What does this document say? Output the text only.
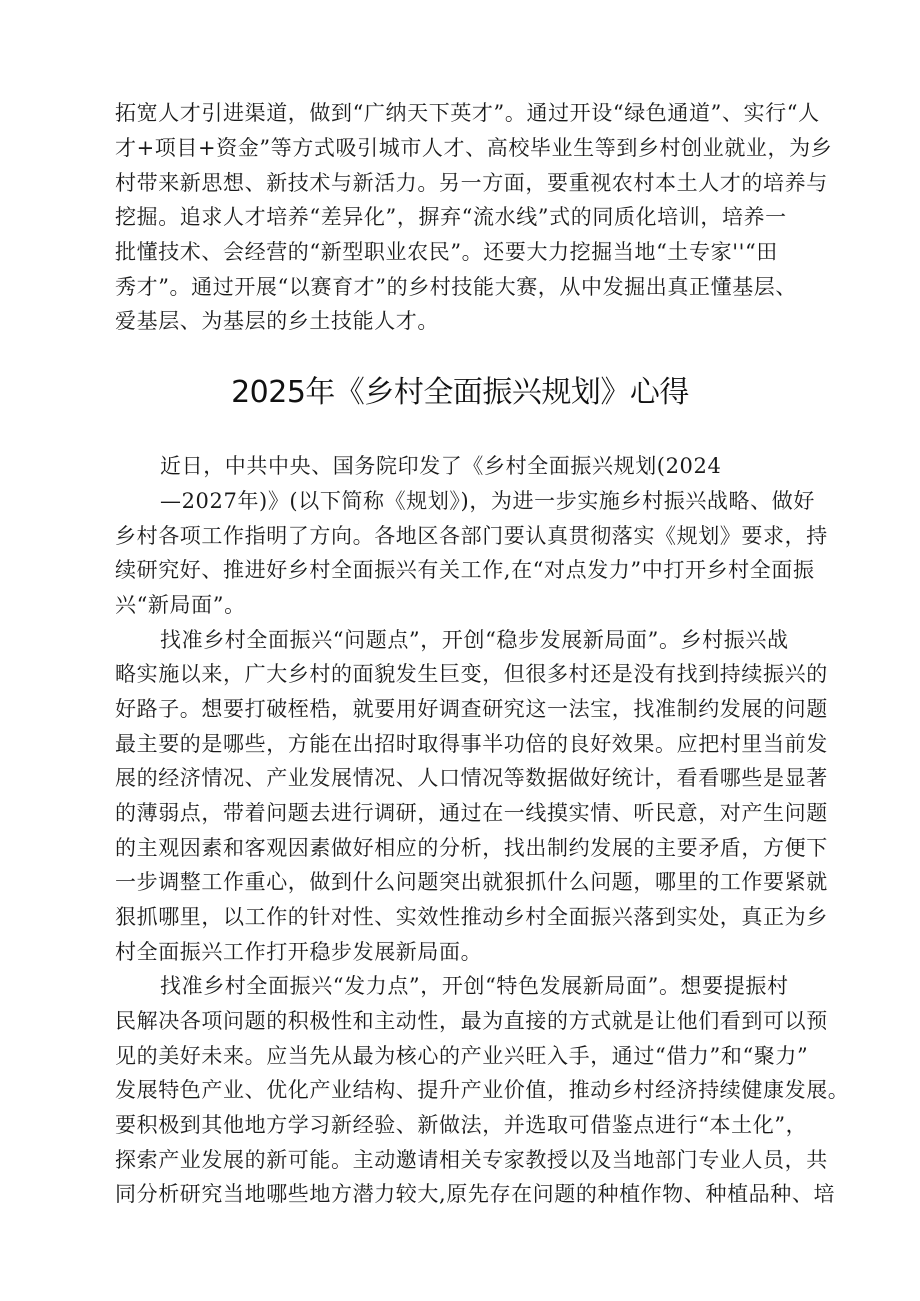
拓宽人才引进渠道，做到“广纳天下英才”。通过开设“绿色通道”、实行“人
才+项目+资金”等方式吸引城市人才、高校毕业生等到乡村创业就业，为乡
村带来新思想、新技术与新活力。另一方面，要重视农村本土人才的培养与
挖掘。追求人才培养“差异化”，摒弃“流水线”式的同质化培训，培养一
批懂技术、会经营的“新型职业农民”。还要大力挖掘当地“土专家''“田
秀才”。通过开展“以赛育才”的乡村技能大赛，从中发掘出真正懂基层、
爱基层、为基层的乡土技能人才。
2025年《乡村全面振兴规划》心得
近日，中共中央、国务院印发了《乡村全面振兴规划(2024
—2027年)》(以下简称《规划》)，为进一步实施乡村振兴战略、做好
乡村各项工作指明了方向。各地区各部门要认真贯彻落实《规划》要求，持
续研究好、推进好乡村全面振兴有关工作,在“对点发力”中打开乡村全面振
兴“新局面”。
找准乡村全面振兴“问题点”，开创“稳步发展新局面”。乡村振兴战
略实施以来，广大乡村的面貌发生巨变，但很多村还是没有找到持续振兴的
好路子。想要打破桎梏，就要用好调查研究这一法宝，找准制约发展的问题
最主要的是哪些，方能在出招时取得事半功倍的良好效果。应把村里当前发
展的经济情况、产业发展情况、人口情况等数据做好统计，看看哪些是显著
的薄弱点，带着问题去进行调研，通过在一线摸实情、听民意，对产生问题
的主观因素和客观因素做好相应的分析，找出制约发展的主要矛盾，方便下
一步调整工作重心，做到什么问题突出就狠抓什么问题，哪里的工作要紧就
狠抓哪里，以工作的针对性、实效性推动乡村全面振兴落到实处，真正为乡
村全面振兴工作打开稳步发展新局面。
找准乡村全面振兴“发力点”，开创“特色发展新局面”。想要提振村
民解决各项问题的积极性和主动性，最为直接的方式就是让他们看到可以预
见的美好未来。应当先从最为核心的产业兴旺入手，通过“借力”和“聚力”
发展特色产业、优化产业结构、提升产业价值，推动乡村经济持续健康发展。
要积极到其他地方学习新经验、新做法，并选取可借鉴点进行“本土化”，
探索产业发展的新可能。主动邀请相关专家教授以及当地部门专业人员，共
同分析研究当地哪些地方潜力较大,原先存在问题的种植作物、种植品种、培
